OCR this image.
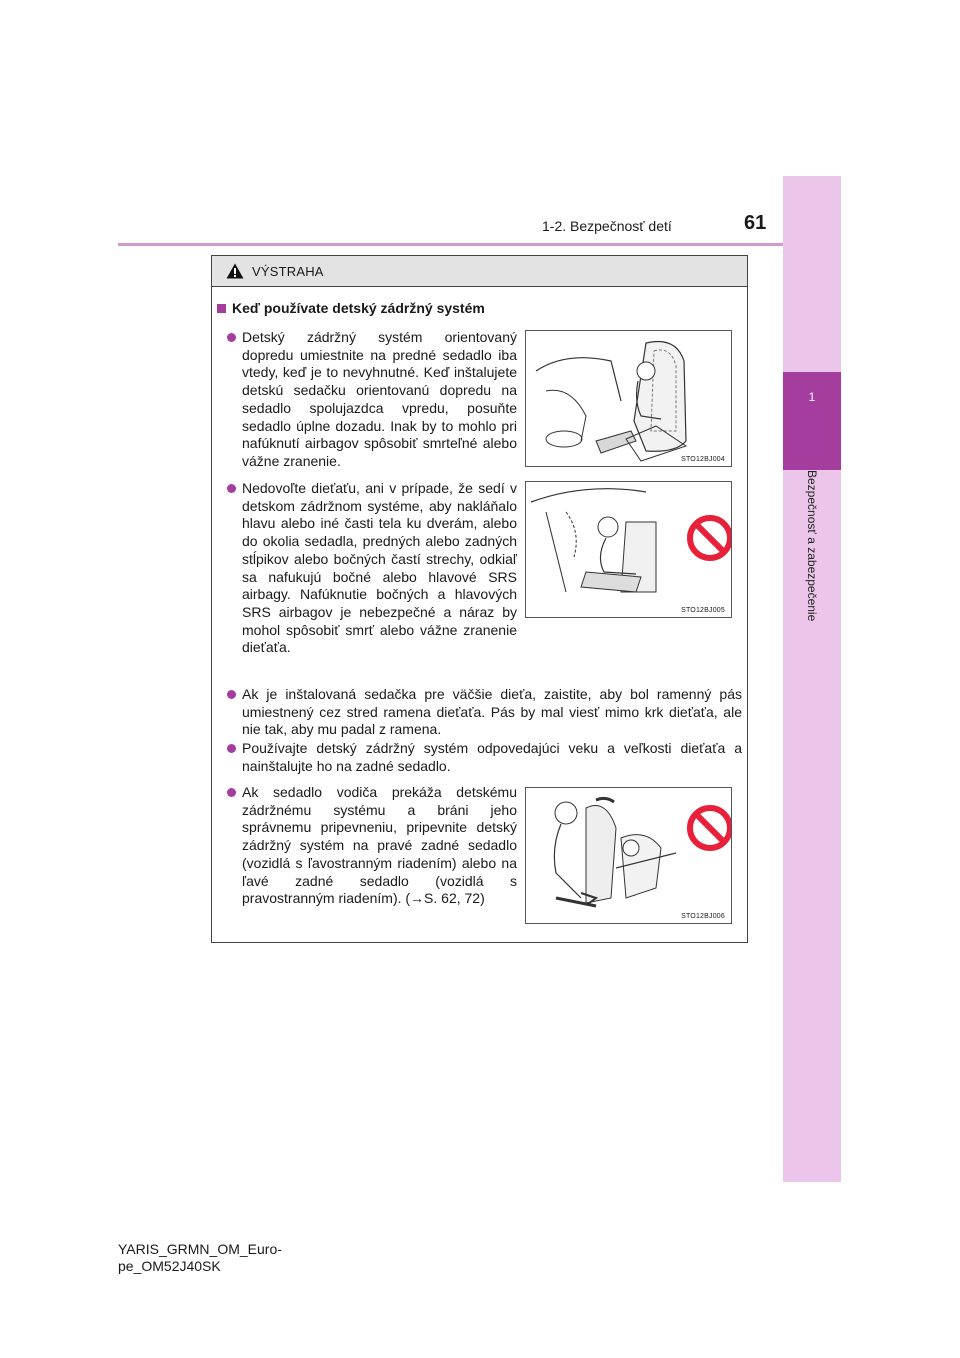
1
Bezpečnosť a zabezpečenie
1-2. Bezpečnosť detí	61
VÝSTRAHA
Keď používate detský zádržný systém
Detský zádržný systém orientovaný dopredu umiestnite na predné sedadlo iba vtedy, keď je to nevyhnutné. Keď inštalujete detskú sedačku orientovanú dopredu na sedadlo spolujazdca vpredu, posuňte sedadlo úplne dozadu. Inak by to mohlo pri nafúknutí airbagov spôsobiť smrteľné alebo vážne zranenie.	STO12BJ004
Nedovoľte dieťaťu, ani v prípade, že sedí v detskom zádržnom systéme, aby nakláňalo hlavu alebo iné časti tela ku dverám, alebo do okolia sedadla, predných alebo zadných stĺpikov alebo bočných častí strechy, odkiaľ sa nafukujú bočné alebo hlavové SRS airbagy. Nafúknutie bočných a hlavových SRS airbagov je nebezpečné a náraz by mohol spôsobiť smrť alebo vážne zranenie dieťaťa.
STO12BJ005
Ak je inštalovaná sedačka pre väčšie dieťa, zaistite, aby bol ramenný pás umiestnený cez stred ramena dieťaťa. Pás by mal viesť mimo krk dieťaťa, ale nie tak, aby mu padal z ramena.
Používajte detský zádržný systém odpovedajúci veku a veľkosti dieťaťa a nainštalujte ho na zadné sedadlo.
Ak sedadlo vodiča prekáža detskému zádržnému systému a bráni jeho správnemu pripevneniu, pripevnite detský zádržný systém na pravé zadné sedadlo (vozidlá s ľavostranným riadením) alebo na ľavé zadné sedadlo (vozidlá s pravostranným riadením). (→S. 62, 72)
STO12BJ006
YARIS_GRMN_OM_Euro-
pe_OM52J40SK
